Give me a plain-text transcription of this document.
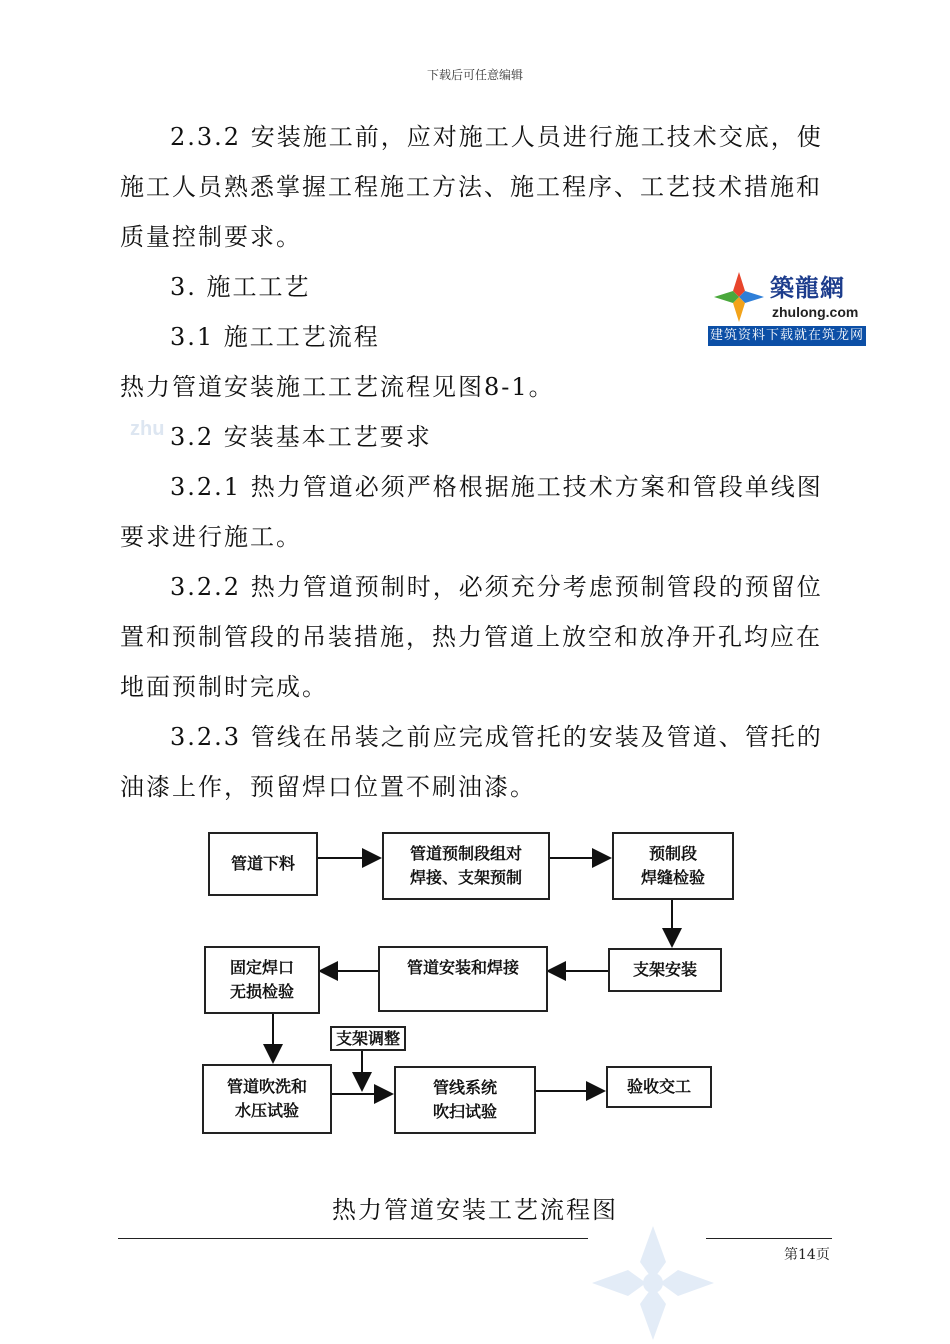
下载后可任意编辑

2.3.2 安装施工前，应对施工人员进行施工技术交底，使施工人员熟悉掌握工程施工方法、施工程序、工艺技术措施和质量控制要求。

3. 施工工艺

3.1 施工工艺流程

热力管道安装施工工艺流程见图8-1。

3.2 安装基本工艺要求

3.2.1 热力管道必须严格根据施工技术方案和管段单线图要求进行施工。

3.2.2 热力管道预制时，必须充分考虑预制管段的预留位置和预制管段的吊装措施，热力管道上放空和放净开孔均应在地面预制时完成。

3.2.3 管线在吊装之前应完成管托的安装及管道、管托的油漆上作，预留焊口位置不刷油漆。

zhu
築龍網
zhulong.com
建筑资料下载就在筑龙网
管道下料
管道预制段组对
焊接、支架预制
预制段
焊缝检验
支架安装
管道安装和焊接
固定焊口
无损检验
管道吹洗和
水压试验
支架调整
管线系统
吹扫试验
验收交工
热力管道安装工艺流程图
第14页
